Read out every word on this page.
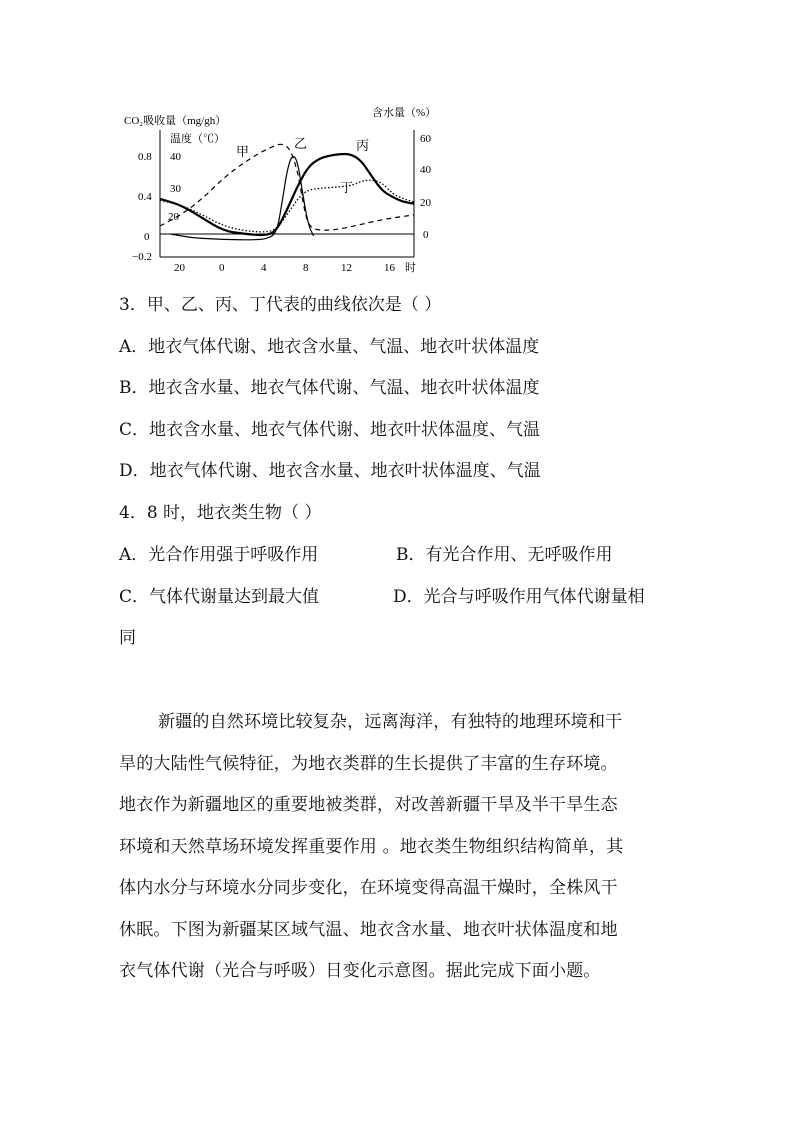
CO₂吸收量（mg/gh）
温度（℃）
含水量（%）
0.8
0.4
0
−0.2
40
30
20
60
40
20
0
20	0	4	8	12	16 时
甲
乙	丙
丁
3．甲、乙、丙、丁代表的曲线依次是（ ）
A．地衣气体代谢、地衣含水量、气温、地衣叶状体温度
B．地衣含水量、地衣气体代谢、气温、地衣叶状体温度
C．地衣含水量、地衣气体代谢、地衣叶状体温度、气温
D．地衣气体代谢、地衣含水量、地衣叶状体温度、气温
4．8 时，地衣类生物（ ）
A．光合作用强于呼吸作用	B．有光合作用、无呼吸作用
C．气体代谢量达到最大值	D．光合与呼吸作用气体代谢量相
同
新疆的自然环境比较复杂，远离海洋，有独特的地理环境和干
旱的大陆性气候特征，为地衣类群的生长提供了丰富的生存环境。
地衣作为新疆地区的重要地被类群，对改善新疆干旱及半干旱生态
环境和天然草场环境发挥重要作用 。地衣类生物组织结构简单，其
体内水分与环境水分同步变化，在环境变得高温干燥时，全株风干
休眠。下图为新疆某区域气温、地衣含水量、地衣叶状体温度和地
衣气体代谢（光合与呼吸）日变化示意图。据此完成下面小题。
